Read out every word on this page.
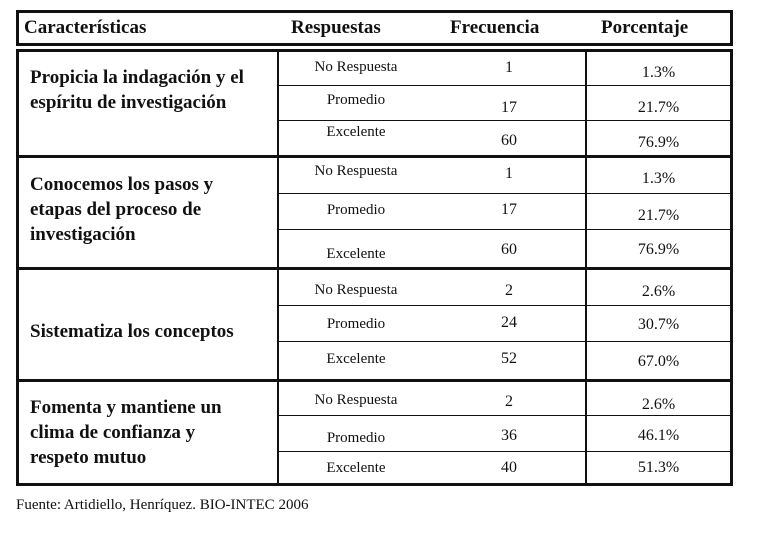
Características	Respuestas	Frecuencia	Porcentaje
Propicia la indagación y el espíritu de investigación
No Respuesta	1	1.3%
Promedio	17	21.7%
Excelente	60	76.9%
Conocemos los pasos y etapas del proceso de investigación
No Respuesta	1	1.3%
Promedio	17	21.7%
Excelente	60	76.9%
Sistematiza los conceptos
No Respuesta	2	2.6%
Promedio	24	30.7%
Excelente	52	67.0%
Fomenta y mantiene un clima de confianza y respeto mutuo
No Respuesta	2	2.6%
Promedio	36	46.1%
Excelente	40	51.3%
Fuente: Artidiello, Henríquez. BIO-INTEC 2006
